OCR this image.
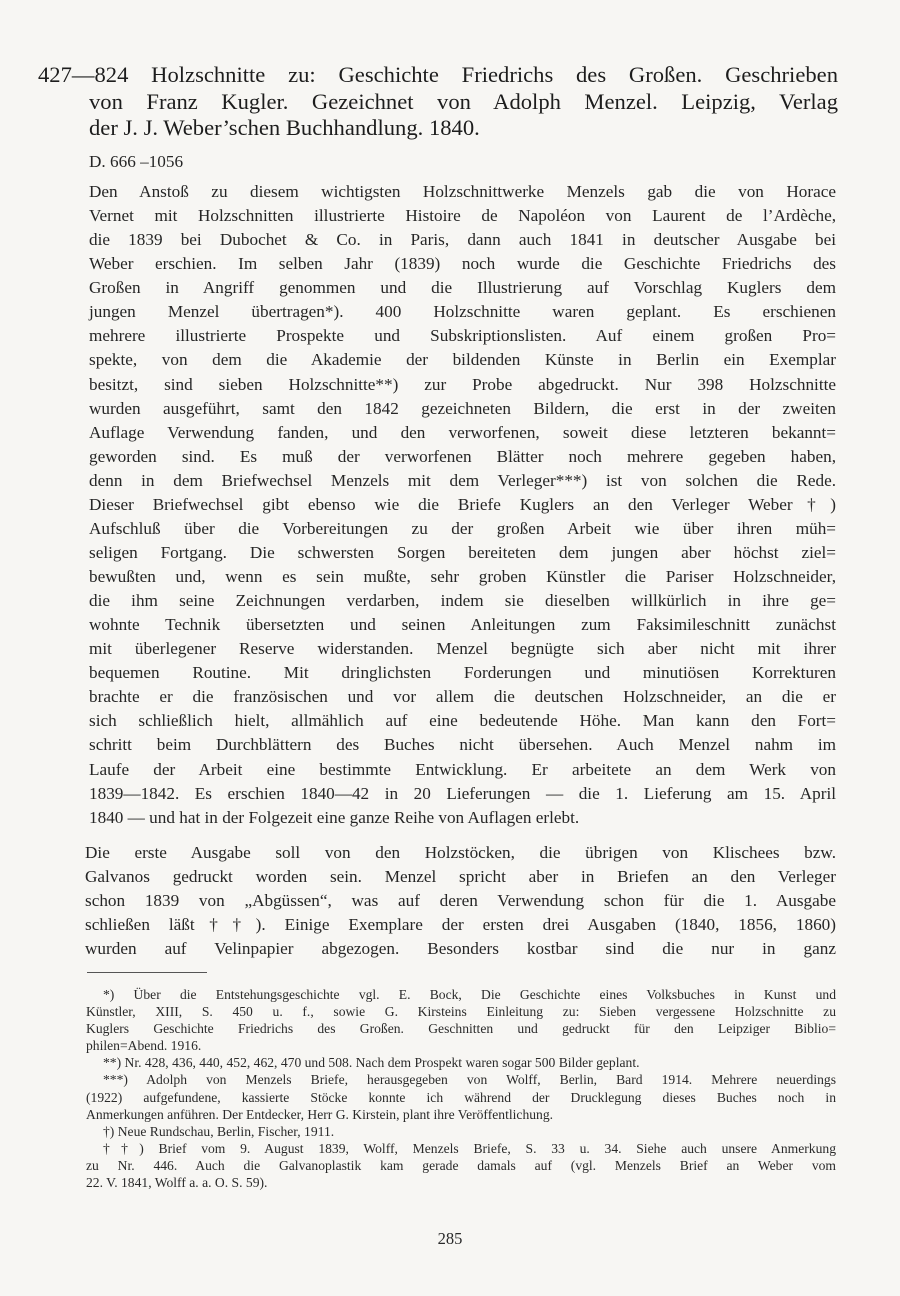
427—824 Holzschnitte zu: Geschichte Friedrichs des Großen. Geschrieben
von Franz Kugler. Gezeichnet von Adolph Menzel. Leipzig, Verlag
der J. J. Weber’schen Buchhandlung. 1840.
D. 666 –1056
Den Anstoß zu diesem wichtigsten Holzschnittwerke Menzels gab die von Horace
Vernet mit Holzschnitten illustrierte Histoire de Napoléon von Laurent de l’Ardèche,
die 1839 bei Dubochet & Co. in Paris, dann auch 1841 in deutscher Ausgabe bei
Weber erschien. Im selben Jahr (1839) noch wurde die Geschichte Friedrichs des
Großen in Angriff genommen und die Illustrierung auf Vorschlag Kuglers dem
jungen Menzel übertragen*). 400 Holzschnitte waren geplant. Es erschienen
mehrere illustrierte Prospekte und Subskriptionslisten. Auf einem großen Pro=
spekte, von dem die Akademie der bildenden Künste in Berlin ein Exemplar
besitzt, sind sieben Holzschnitte**) zur Probe abgedruckt. Nur 398 Holzschnitte
wurden ausgeführt, samt den 1842 gezeichneten Bildern, die erst in der zweiten
Auflage Verwendung fanden, und den verworfenen, soweit diese letzteren bekannt=
geworden sind. Es muß der verworfenen Blätter noch mehrere gegeben haben,
denn in dem Briefwechsel Menzels mit dem Verleger***) ist von solchen die Rede.
Dieser Briefwechsel gibt ebenso wie die Briefe Kuglers an den Verleger Weber†)
Aufschluß über die Vorbereitungen zu der großen Arbeit wie über ihren müh=
seligen Fortgang. Die schwersten Sorgen bereiteten dem jungen aber höchst ziel=
bewußten und, wenn es sein mußte, sehr groben Künstler die Pariser Holzschneider,
die ihm seine Zeichnungen verdarben, indem sie dieselben willkürlich in ihre ge=
wohnte Technik übersetzten und seinen Anleitungen zum Faksimileschnitt zunächst
mit überlegener Reserve widerstanden. Menzel begnügte sich aber nicht mit ihrer
bequemen Routine. Mit dringlichsten Forderungen und minutiösen Korrekturen
brachte er die französischen und vor allem die deutschen Holzschneider, an die er
sich schließlich hielt, allmählich auf eine bedeutende Höhe. Man kann den Fort=
schritt beim Durchblättern des Buches nicht übersehen. Auch Menzel nahm im
Laufe der Arbeit eine bestimmte Entwicklung. Er arbeitete an dem Werk von
1839—1842. Es erschien 1840—42 in 20 Lieferungen — die 1. Lieferung am 15. April
1840 — und hat in der Folgezeit eine ganze Reihe von Auflagen erlebt.
Die erste Ausgabe soll von den Holzstöcken, die übrigen von Klischees bzw.
Galvanos gedruckt worden sein. Menzel spricht aber in Briefen an den Verleger
schon 1839 von „Abgüssen“, was auf deren Verwendung schon für die 1. Ausgabe
schließen läßt††). Einige Exemplare der ersten drei Ausgaben (1840, 1856, 1860)
wurden auf Velinpapier abgezogen. Besonders kostbar sind die nur in ganz
*) Über die Entstehungsgeschichte vgl. E. Bock, Die Geschichte eines Volksbuches in Kunst und
Künstler, XIII, S. 450 u. f., sowie G. Kirsteins Einleitung zu: Sieben vergessene Holzschnitte zu
Kuglers Geschichte Friedrichs des Großen. Geschnitten und gedruckt für den Leipziger Biblio=
philen=Abend. 1916.
**) Nr. 428, 436, 440, 452, 462, 470 und 508. Nach dem Prospekt waren sogar 500 Bilder geplant.
***) Adolph von Menzels Briefe, herausgegeben von Wolff, Berlin, Bard 1914. Mehrere neuerdings
(1922) aufgefundene, kassierte Stöcke konnte ich während der Drucklegung dieses Buches noch in
Anmerkungen anführen. Der Entdecker, Herr G. Kirstein, plant ihre Veröffentlichung.
†) Neue Rundschau, Berlin, Fischer, 1911.
††) Brief vom 9. August 1839, Wolff, Menzels Briefe, S. 33 u. 34. Siehe auch unsere Anmerkung
zu Nr. 446. Auch die Galvanoplastik kam gerade damals auf (vgl. Menzels Brief an Weber vom
22. V. 1841, Wolff a. a. O. S. 59).
285
